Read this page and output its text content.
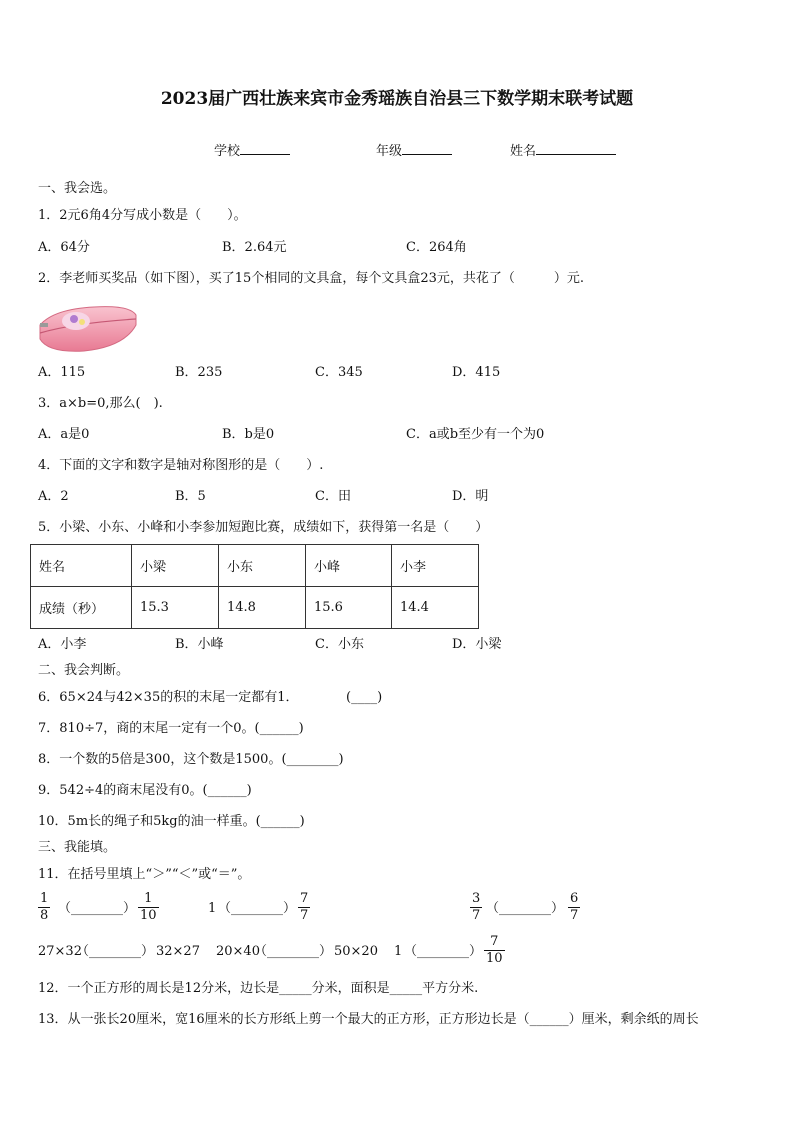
2023届广西壮族来宾市金秀瑶族自治县三下数学期末联考试题
学校	年级	姓名
一、我会选。
1．2元6角4分写成小数是（　　）。
A．64分	B．2.64元	C．264角
2．李老师买奖品（如下图），买了15个相同的文具盒，每个文具盒23元，共花了（　　　）元.
A．115	B．235	C．345	D．415
3．a×b=0,那么(　).
A．a是0	B．b是0	C．a或b至少有一个为0
4．下面的文字和数字是轴对称图形的是（　　）.
A．2	B．5	C．田	D．明
5．小梁、小东、小峰和小李参加短跑比赛，成绩如下，获得第一名是（　　）
姓名	小梁	小东	小峰	小李
成绩（秒）	15.3	14.8	15.6	14.4
A．小李	B．小峰	C．小东	D．小梁
二、我会判断。
6．65×24与42×35的积的末尾一定都有1．	(____)
7．810÷7，商的末尾一定有一个0。(______)
8．一个数的5倍是300，这个数是1500。(________)
9．542÷4的商末尾没有0。(______)
10．5m长的绳子和5kg的油一样重。(______)
三、我能填。
11．在括号里填上“＞”“＜”或“＝”。
$\frac{1}{8}$ （________） $\frac{1}{10}$	1 （________） $\frac{7}{7}$	$\frac{3}{7}$ （________） $\frac{6}{7}$
27×32
（________） 32×27 20×40
（________） 50×20 1 （________） $\frac{7}{10}$
12．一个正方形的周长是12分米，边长是_____分米，面积是_____平方分米.
13．从一张长20厘米，宽16厘米的长方形纸上剪一个最大的正方形，正方形边长是（______）厘米，剩余纸的周长
